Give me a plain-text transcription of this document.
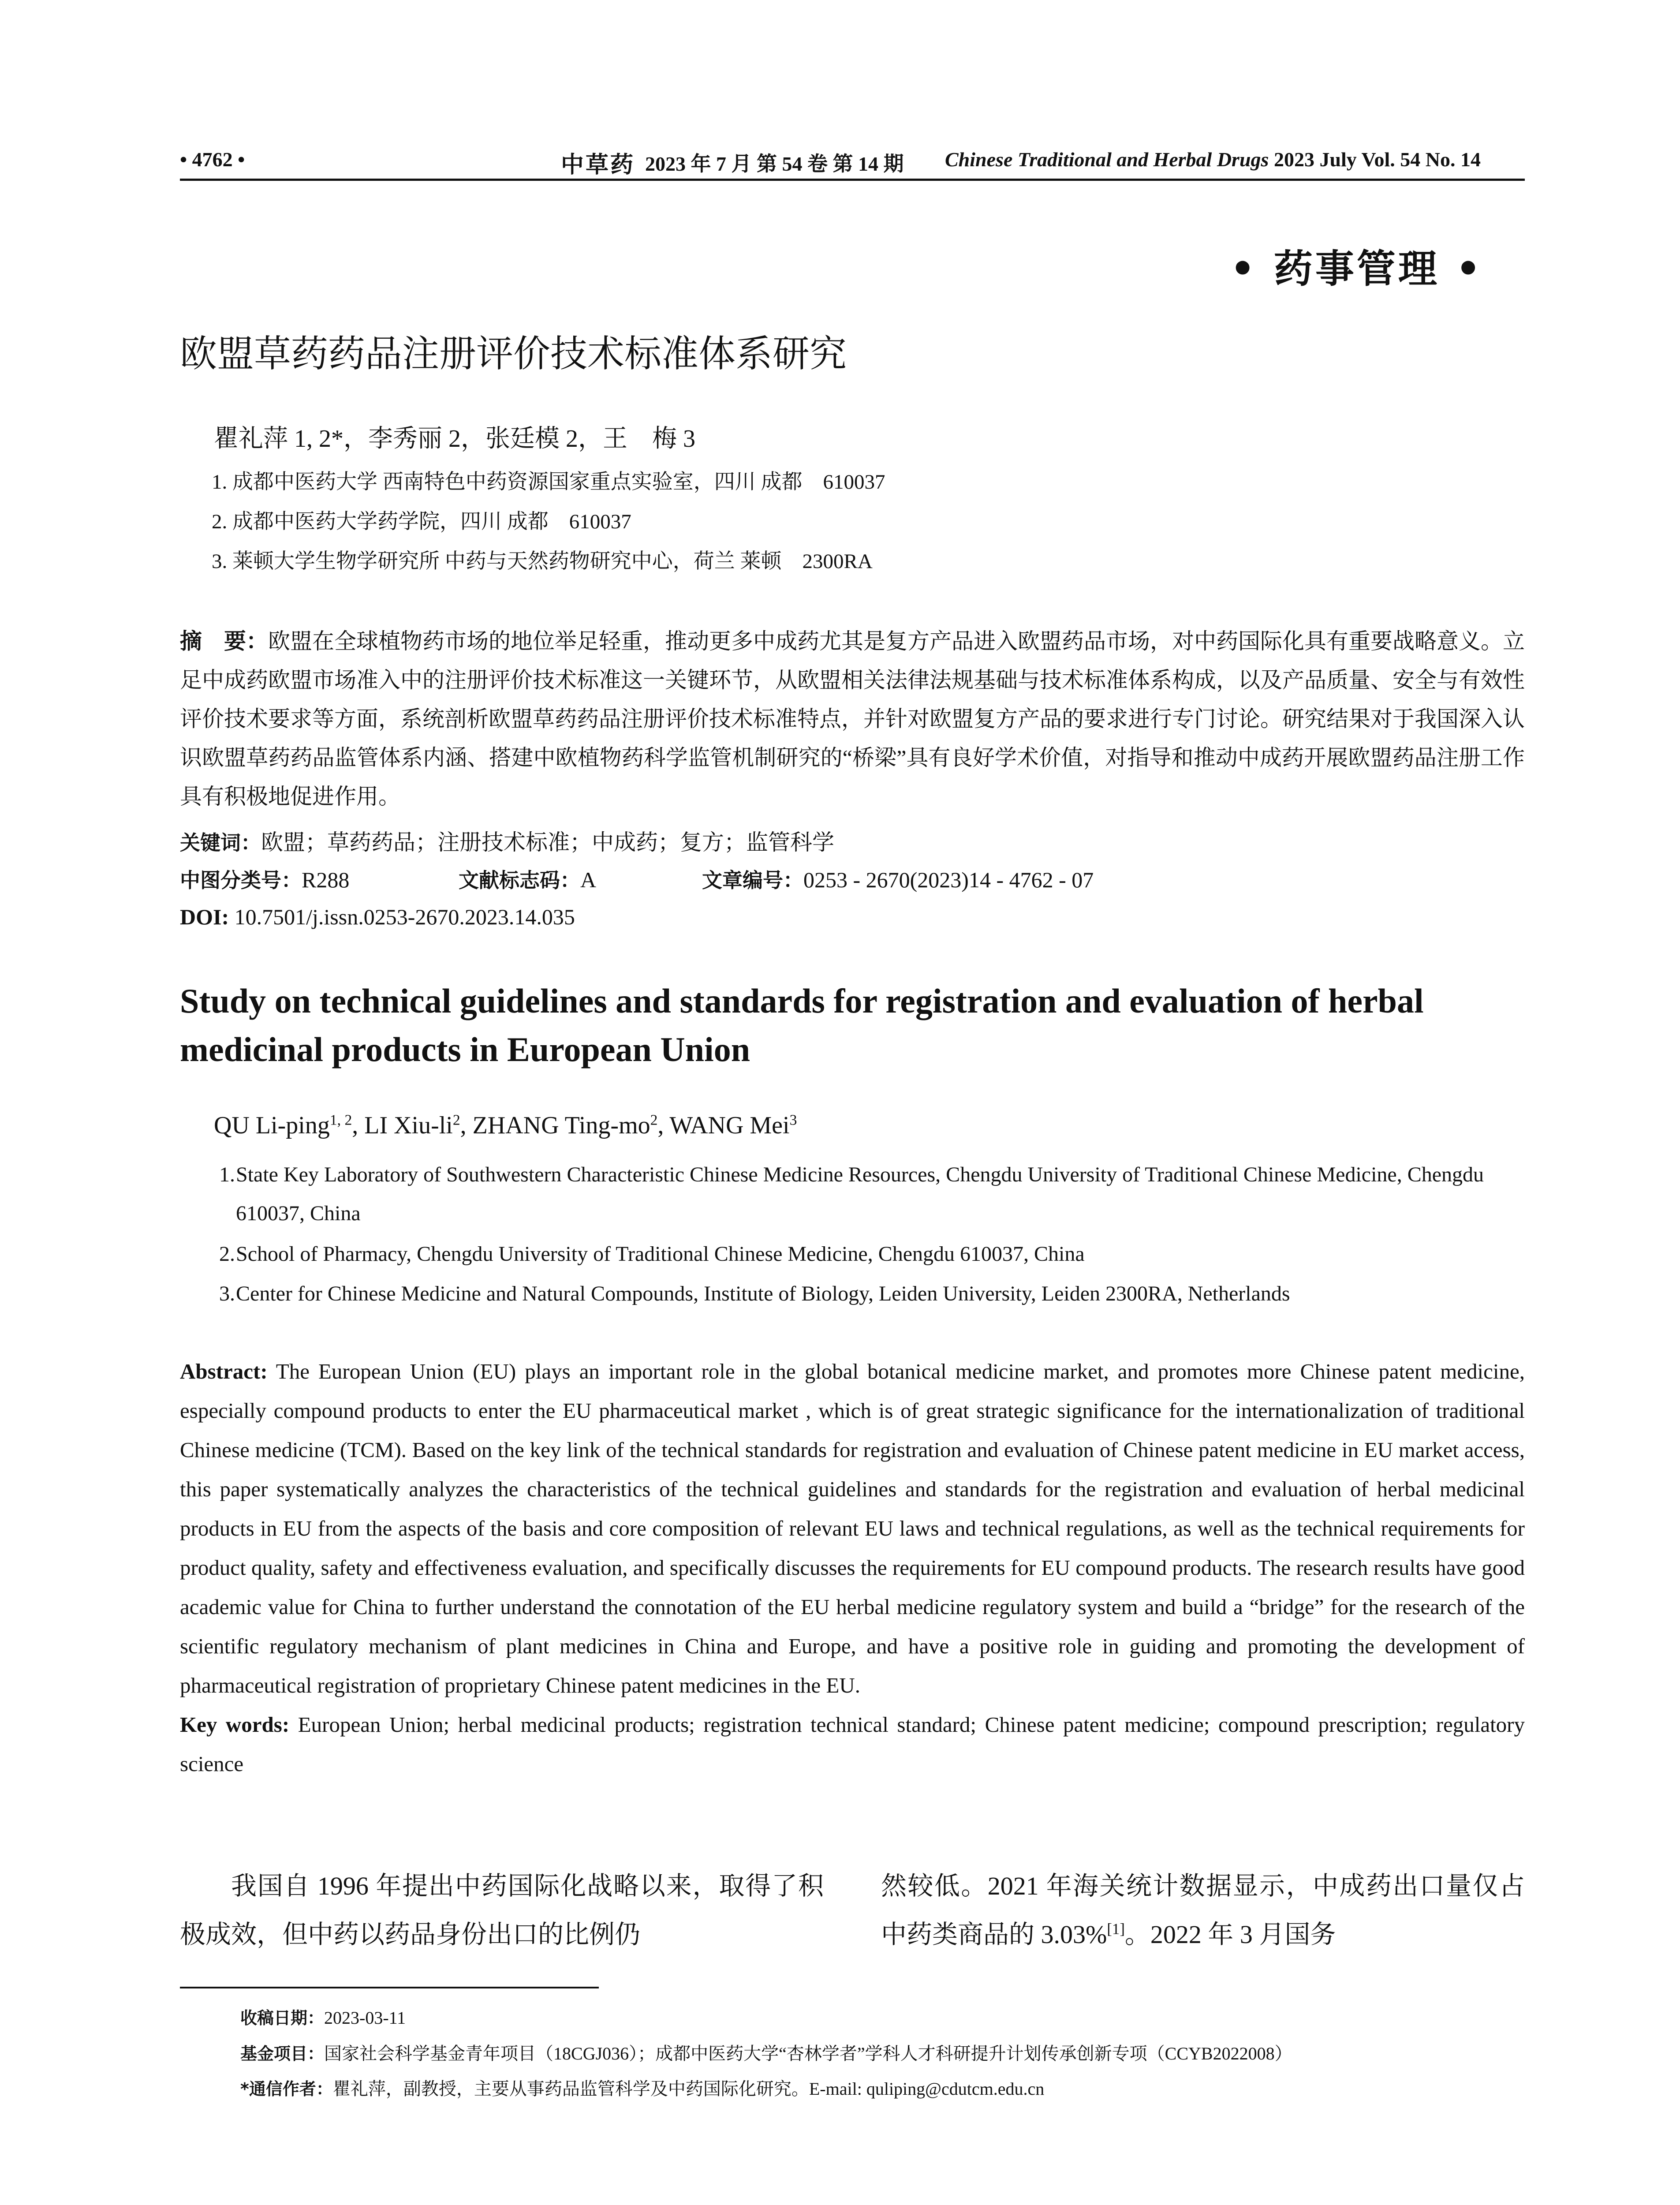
• 4762 •	中草药 2023 年 7 月 第 54 卷 第 14 期 Chinese Traditional and Herbal Drugs 2023 July Vol. 54 No. 14
• 药事管理 •
欧盟草药药品注册评价技术标准体系研究
瞿礼萍 1, 2*，李秀丽 2，张廷模 2，王　梅 3
1. 成都中医药大学 西南特色中药资源国家重点实验室，四川 成都　610037
2. 成都中医药大学药学院，四川 成都　610037
3. 莱顿大学生物学研究所 中药与天然药物研究中心，荷兰 莱顿　2300RA
摘　要：欧盟在全球植物药市场的地位举足轻重，推动更多中成药尤其是复方产品进入欧盟药品市场，对中药国际化具有重要战略意义。立足中成药欧盟市场准入中的注册评价技术标准这一关键环节，从欧盟相关法律法规基础与技术标准体系构成，以及产品质量、安全与有效性评价技术要求等方面，系统剖析欧盟草药药品注册评价技术标准特点，并针对欧盟复方产品的要求进行专门讨论。研究结果对于我国深入认识欧盟草药药品监管体系内涵、搭建中欧植物药科学监管机制研究的“桥梁”具有良好学术价值，对指导和推动中成药开展欧盟药品注册工作具有积极地促进作用。
关键词：欧盟；草药药品；注册技术标准；中成药；复方；监管科学
中图分类号：R288	文献标志码：A	文章编号：0253 - 2670(2023)14 - 4762 - 07
DOI: 10.7501/j.issn.0253-2670.2023.14.035
Study on technical guidelines and standards for registration and evaluation of herbal medicinal products in European Union
QU Li-ping$^{1, 2}$, LI Xiu-$li^2$, ZHANG Ting-$mo^2$, WANG Mei$^3$
1. State Key Laboratory of Southwestern Characteristic Chinese Medicine Resources, Chengdu University of Traditional Chinese Medicine, Chengdu 610037, China
2. School of Pharmacy, Chengdu University of Traditional Chinese Medicine, Chengdu 610037, China
3. Center for Chinese Medicine and Natural Compounds, Institute of Biology, Leiden University, Leiden 2300RA, Netherlands
Abstract: The European Union (EU) plays an important role in the global botanical medicine market, and promotes more Chinese patent medicine, especially compound products to enter the EU pharmaceutical market , which is of great strategic significance for the internationalization of traditional Chinese medicine (TCM). Based on the key link of the technical standards for registration and evaluation of Chinese patent medicine in EU market access, this paper systematically analyzes the characteristics of the technical guidelines and standards for the registration and evaluation of herbal medicinal products in EU from the aspects of the basis and core composition of relevant EU laws and technical regulations, as well as the technical requirements for product quality, safety and effectiveness evaluation, and specifically discusses the requirements for EU compound products. The research results have good academic value for China to further understand the connotation of the EU herbal medicine regulatory system and build a “bridge” for the research of the scientific regulatory mechanism of plant medicines in China and Europe, and have a positive role in guiding and promoting the development of pharmaceutical registration of proprietary Chinese patent medicines in the EU.
Key words: European Union; herbal medicinal products; registration technical standard; Chinese patent medicine; compound prescription; regulatory science
我国自 1996 年提出中药国际化战略以来，取得了积极成效，但中药以药品身份出口的比例仍
然较低。2021 年海关统计数据显示，中成药出口量仅占中药类商品的 3.03%[1]。2022 年 3 月国务
收稿日期：2023-03-11
基金项目：国家社会科学基金青年项目（18CGJ036）；成都中医药大学“杏林学者”学科人才科研提升计划传承创新专项（CCYB2022008）
*通信作者：瞿礼萍，副教授，主要从事药品监管科学及中药国际化研究。E-mail: quliping@cdutcm.edu.cn
